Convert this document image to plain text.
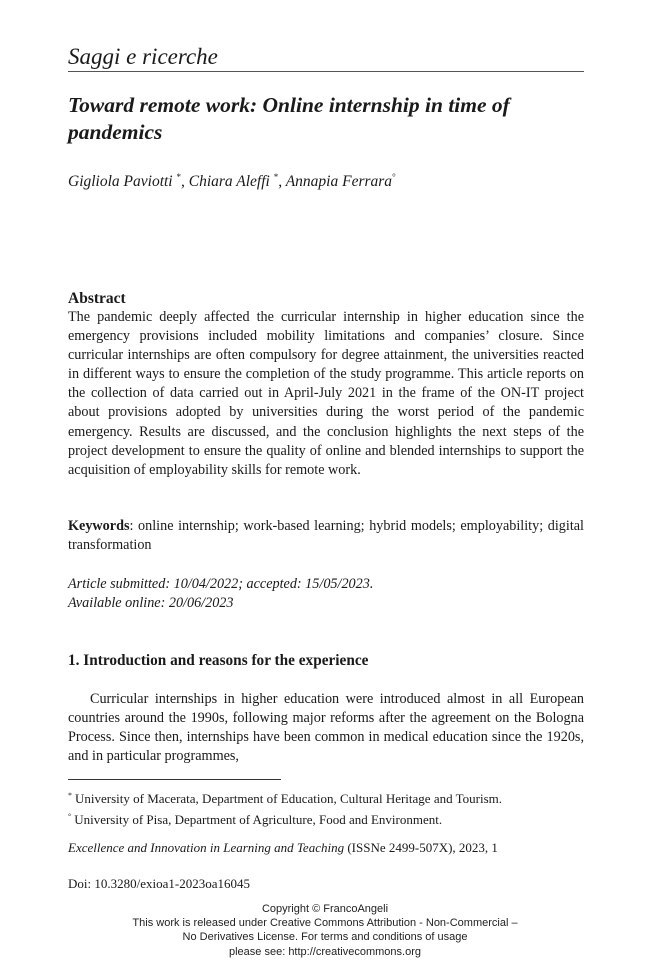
Saggi e ricerche
Toward remote work: Online internship in time of pandemics
Gigliola Paviotti *, Chiara Aleffi *, Annapia Ferrara°
Abstract
The pandemic deeply affected the curricular internship in higher education since the emergency provisions included mobility limitations and companies’ closure. Since curricular internships are often compulsory for degree attainment, the universities reacted in different ways to ensure the completion of the study programme. This article reports on the collection of data carried out in April-July 2021 in the frame of the ON-IT project about provisions adopted by universities during the worst period of the pandemic emergency. Results are discussed, and the conclusion highlights the next steps of the project development to ensure the quality of online and blended internships to support the acquisition of employability skills for remote work.
Keywords: online internship; work-based learning; hybrid models; employability; digital transformation
Article submitted: 10/04/2022; accepted: 15/05/2023.
Available online: 20/06/2023
1. Introduction and reasons for the experience
Curricular internships in higher education were introduced almost in all European countries around the 1990s, following major reforms after the agreement on the Bologna Process. Since then, internships have been common in medical education since the 1920s, and in particular programmes,
* University of Macerata, Department of Education, Cultural Heritage and Tourism.
° University of Pisa, Department of Agriculture, Food and Environment.
Excellence and Innovation in Learning and Teaching (ISSNe 2499-507X), 2023, 1
Doi: 10.3280/exioa1-2023oa16045
Copyright © FrancoAngeli
This work is released under Creative Commons Attribution - Non-Commercial –
No Derivatives License. For terms and conditions of usage
please see: http://creativecommons.org
